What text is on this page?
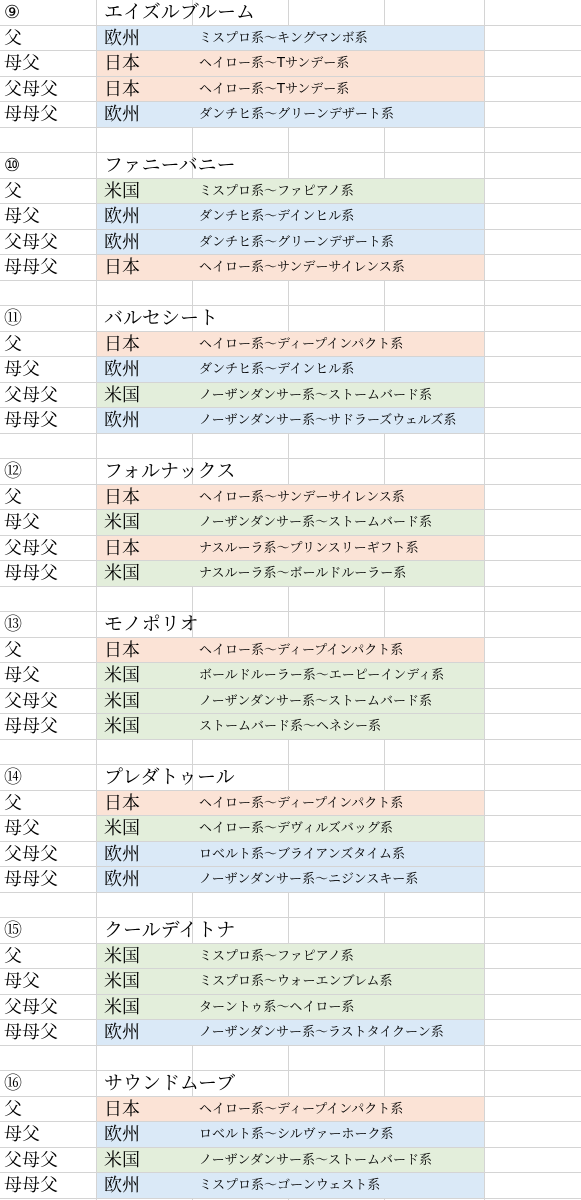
⑨	エイズルブルーム
父	欧州	ミスプロ系〜キングマンボ系
母父	日本	ヘイロー系〜Tサンデー系
父母父	日本	ヘイロー系〜Tサンデー系
母母父	欧州	ダンチヒ系〜グリーンデザート系
⑩	ファニーバニー
父	米国	ミスプロ系〜ファピアノ系
母父	欧州	ダンチヒ系〜デインヒル系
父母父	欧州	ダンチヒ系〜グリーンデザート系
母母父	日本	ヘイロー系〜サンデーサイレンス系
⑪	バルセシート
父	日本	ヘイロー系〜ディープインパクト系
母父	欧州	ダンチヒ系〜デインヒル系
父母父	米国	ノーザンダンサー系〜ストームバード系
母母父	欧州	ノーザンダンサー系〜サドラーズウェルズ系
⑫	フォルナックス
父	日本	ヘイロー系〜サンデーサイレンス系
母父	米国	ノーザンダンサー系〜ストームバード系
父母父	日本	ナスルーラ系〜プリンスリーギフト系
母母父	米国	ナスルーラ系〜ボールドルーラー系
⑬	モノポリオ
父	日本	ヘイロー系〜ディープインパクト系
母父	米国	ボールドルーラー系〜エーピーインディ系
父母父	米国	ノーザンダンサー系〜ストームバード系
母母父	米国	ストームバード系〜ヘネシー系
⑭	プレダトゥール
父	日本	ヘイロー系〜ディープインパクト系
母父	米国	ヘイロー系〜デヴィルズバッグ系
父母父	欧州	ロベルト系〜ブライアンズタイム系
母母父	欧州	ノーザンダンサー系〜ニジンスキー系
⑮	クールデイトナ
父	米国	ミスプロ系〜ファピアノ系
母父	米国	ミスプロ系〜ウォーエンブレム系
父母父	米国	ターントゥ系〜ヘイロー系
母母父	欧州	ノーザンダンサー系〜ラストタイクーン系
⑯	サウンドムーブ
父	日本	ヘイロー系〜ディープインパクト系
母父	欧州	ロベルト系〜シルヴァーホーク系
父母父	米国	ノーザンダンサー系〜ストームバード系
母母父	欧州	ミスプロ系〜ゴーンウェスト系
